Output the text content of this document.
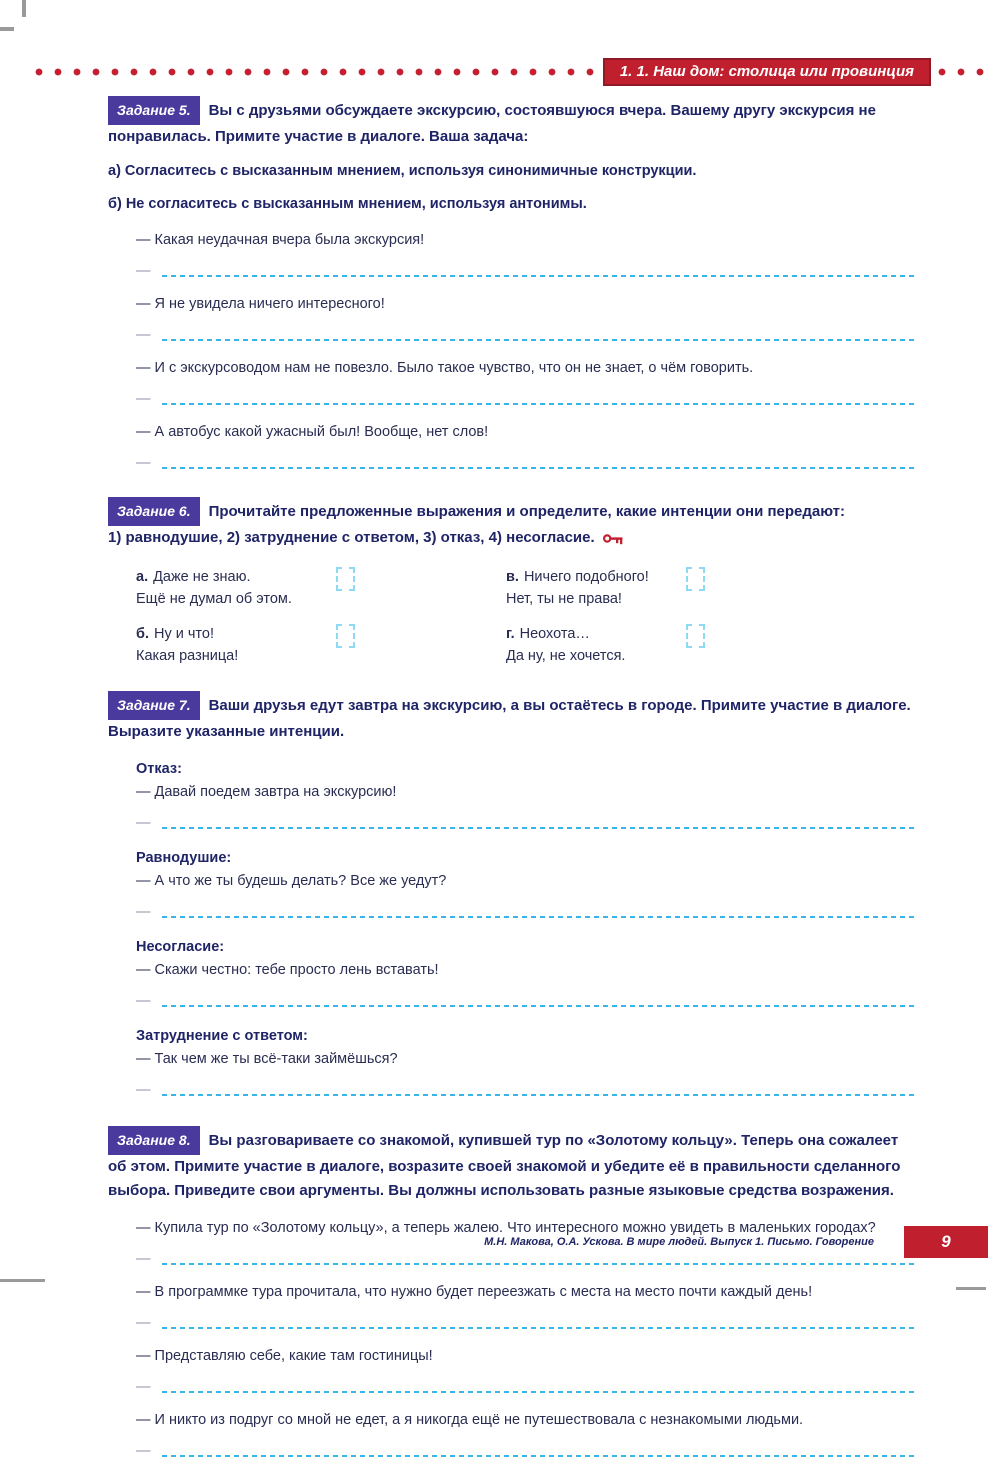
1. 1. Наш дом: столица или провинция

Задание 5. Вы с друзьями обсуждаете экскурсию, состоявшуюся вчера. Вашему другу экскурсия не понравилась. Примите участие в диалоге. Ваша задача:

а) Согласитесь с высказанным мнением, используя синонимичные конструкции.

б) Не согласитесь с высказанным мнением, используя антонимы.

— Какая неудачная вчера была экскурсия!

—

— Я не увидела ничего интересного!

—

— И с экскурсоводом нам не повезло. Было такое чувство, что он не знает, о чём говорить.

—

— А автобус какой ужасный был! Вообще, нет слов!

—

Задание 6. Прочитайте предложенные выражения и определите, какие интенции они передают:

1) равнодушие, 2) затруднение с ответом, 3) отказ, 4) несогласие.
а. Даже не знаю.
Ещё не думал об этом.
в. Ничего подобного!
Нет, ты не права!
б. Ну и что!
Какая разница!
г. Неохота…
Да ну, не хочется.

Задание 7. Ваши друзья едут завтра на экскурсию, а вы остаётесь в городе. Примите участие в диалоге. Выразите указанные интенции.

Отказ:

— Давай поедем завтра на экскурсию!

—

Равнодушие:

— А что же ты будешь делать? Все же уедут?

—

Несогласие:

— Скажи честно: тебе просто лень вставать!

—

Затруднение с ответом:

— Так чем же ты всё-таки займёшься?

—

Задание 8. Вы разговариваете со знакомой, купившей тур по «Золотому кольцу». Теперь она сожалеет об этом. Примите участие в диалоге, возразите своей знакомой и убедите её в правильности сделанного выбора. Приведите свои аргументы. Вы должны использовать разные языковые средства возражения.

— Купила тур по «Золотому кольцу», а теперь жалею. Что интересного можно увидеть в маленьких городах?

—

— В программке тура прочитала, что нужно будет переезжать с места на место почти каждый день!

—

— Представляю себе, какие там гостиницы!

—

— И никто из подруг со мной не едет, а я никогда ещё не путешествовала с незнакомыми людьми.

—
М.Н. Макова, О.А. Ускова. В мире людей. Выпуск 1. Письмо. Говорение	9
